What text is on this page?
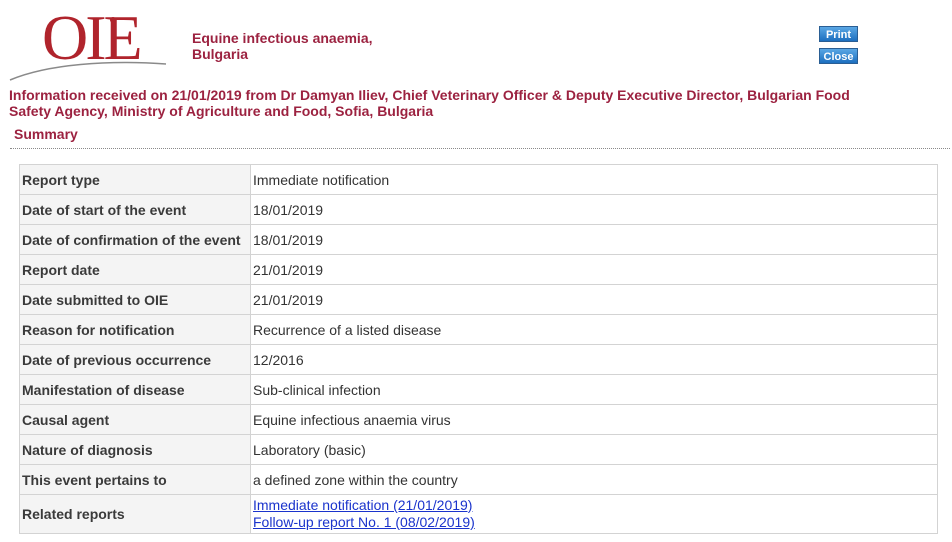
OIE	Equine infectious anaemia,
Bulgaria
Print
Close
Information received on 21/01/2019 from Dr Damyan Iliev, Chief Veterinary Officer & Deputy Executive Director, Bulgarian Food Safety Agency, Ministry of Agriculture and Food, Sofia, Bulgaria
Summary
Report type	Immediate notification
Date of start of the event	18/01/2019
Date of confirmation of the event	18/01/2019
Report date	21/01/2019
Date submitted to OIE	21/01/2019
Reason for notification	Recurrence of a listed disease
Date of previous occurrence	12/2016
Manifestation of disease	Sub-clinical infection
Causal agent	Equine infectious anaemia virus
Nature of diagnosis	Laboratory (basic)
This event pertains to	a defined zone within the country
Related reports	Immediate notification (21/01/2019)
Follow-up report No. 1 (08/02/2019)
